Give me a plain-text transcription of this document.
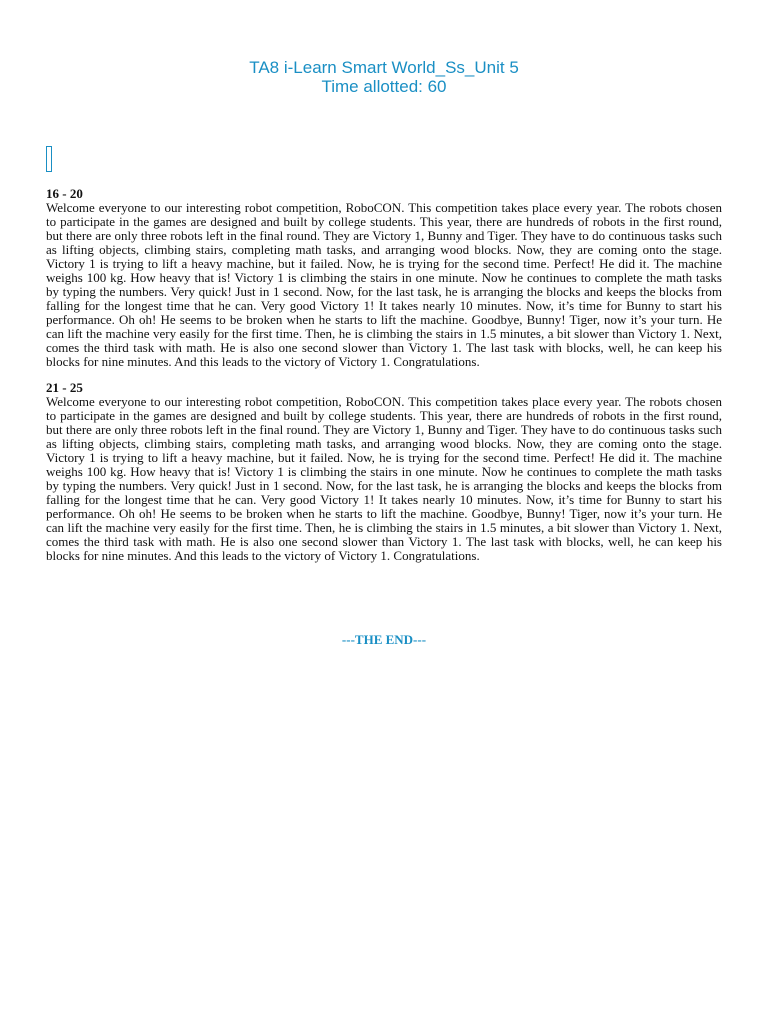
TA8 i-Learn Smart World_Ss_Unit 5
Time allotted: 60
16 - 20
Welcome everyone to our interesting robot competition, RoboCON. This competition takes place every year. The robots chosen to participate in the games are designed and built by college students. This year, there are hundreds of robots in the first round, but there are only three robots left in the final round. They are Victory 1, Bunny and Tiger. They have to do continuous tasks such as lifting objects, climbing stairs, completing math tasks, and arranging wood blocks. Now, they are coming onto the stage. Victory 1 is trying to lift a heavy machine, but it failed. Now, he is trying for the second time. Perfect! He did it. The machine weighs 100 kg. How heavy that is! Victory 1 is climbing the stairs in one minute. Now he continues to complete the math tasks by typing the numbers. Very quick! Just in 1 second. Now, for the last task, he is arranging the blocks and keeps the blocks from falling for the longest time that he can. Very good Victory 1! It takes nearly 10 minutes. Now, it’s time for Bunny to start his performance. Oh oh! He seems to be broken when he starts to lift the machine. Goodbye, Bunny! Tiger, now it’s your turn. He can lift the machine very easily for the first time. Then, he is climbing the stairs in 1.5 minutes, a bit slower than Victory 1. Next, comes the third task with math. He is also one second slower than Victory 1. The last task with blocks, well, he can keep his blocks for nine minutes. And this leads to the victory of Victory 1. Congratulations.
21 - 25
Welcome everyone to our interesting robot competition, RoboCON. This competition takes place every year. The robots chosen to participate in the games are designed and built by college students. This year, there are hundreds of robots in the first round, but there are only three robots left in the final round. They are Victory 1, Bunny and Tiger. They have to do continuous tasks such as lifting objects, climbing stairs, completing math tasks, and arranging wood blocks. Now, they are coming onto the stage. Victory 1 is trying to lift a heavy machine, but it failed. Now, he is trying for the second time. Perfect! He did it. The machine weighs 100 kg. How heavy that is! Victory 1 is climbing the stairs in one minute. Now he continues to complete the math tasks by typing the numbers. Very quick! Just in 1 second. Now, for the last task, he is arranging the blocks and keeps the blocks from falling for the longest time that he can. Very good Victory 1! It takes nearly 10 minutes. Now, it’s time for Bunny to start his performance. Oh oh! He seems to be broken when he starts to lift the machine. Goodbye, Bunny! Tiger, now it’s your turn. He can lift the machine very easily for the first time. Then, he is climbing the stairs in 1.5 minutes, a bit slower than Victory 1. Next, comes the third task with math. He is also one second slower than Victory 1. The last task with blocks, well, he can keep his blocks for nine minutes. And this leads to the victory of Victory 1. Congratulations.
---THE END---
